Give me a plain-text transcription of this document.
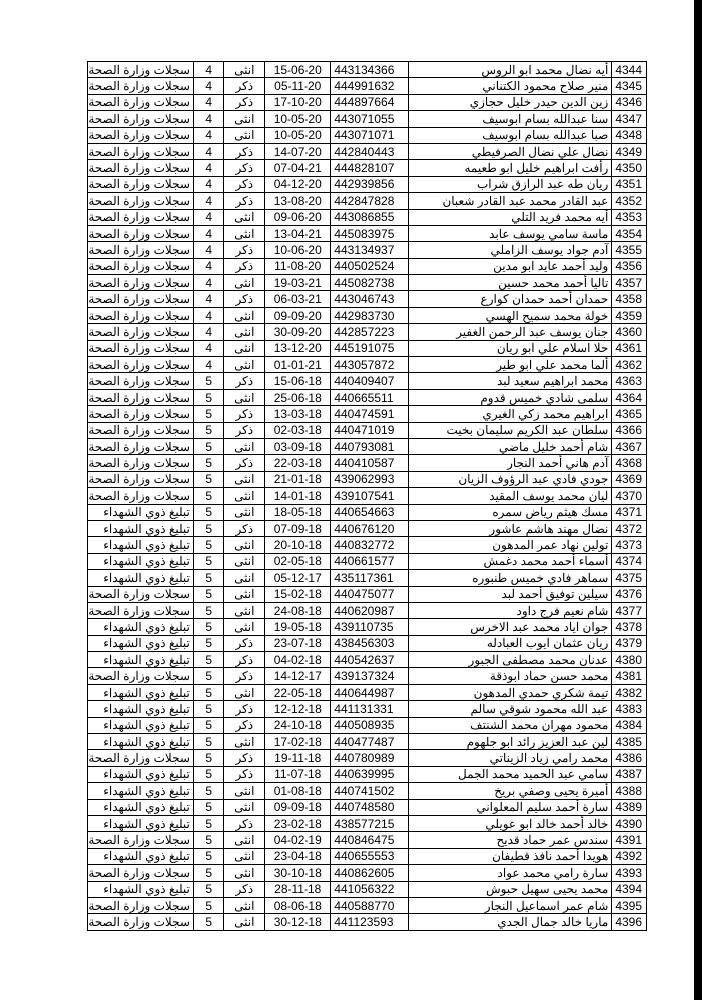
سجلات وزارة الصحة	4	انثى	15-06-20	443134366	أيه نضال محمد ابو الروس	4344
سجلات وزارة الصحة	4	ذكر	05-11-20	444991632	منير صلاح محمود الكتناني	4345
سجلات وزارة الصحة	4	ذكر	17-10-20	444897664	زين الدين حيدر خليل حجازي	4346
سجلات وزارة الصحة	4	انثى	10-05-20	443071055	سنا عبدالله بسام ابوسيف	4347
سجلات وزارة الصحة	4	انثى	10-05-20	443071071	صبا عبدالله بسام ابوسيف	4348
سجلات وزارة الصحة	4	ذكر	14-07-20	442840443	نضال علي نضال الصرفيطي	4349
سجلات وزارة الصحة	4	ذكر	07-04-21	444828107	رأفت ابراهيم خليل ابو طعيمه	4350
سجلات وزارة الصحة	4	ذكر	04-12-20	442939856	ريان طه عبد الرازق شراب	4351
سجلات وزارة الصحة	4	ذكر	13-08-20	442847828	عبد القادر محمد عبد القادر شعبان	4352
سجلات وزارة الصحة	4	انثى	09-06-20	443086855	أيه محمد فريد التلي	4353
سجلات وزارة الصحة	4	انثى	13-04-21	445083975	ماسة سامي يوسف عابد	4354
سجلات وزارة الصحة	4	ذكر	10-06-20	443134937	آدم جواد يوسف الزاملي	4355
سجلات وزارة الصحة	4	ذكر	11-08-20	440502524	وليد أحمد عايد ابو مدين	4356
سجلات وزارة الصحة	4	انثى	19-03-21	445082738	تاليا أحمد محمد حسين	4357
سجلات وزارة الصحة	4	ذكر	06-03-21	443046743	حمدان أحمد حمدان كوارع	4358
سجلات وزارة الصحة	4	انثى	09-09-20	442983730	خولة محمد سميح الهسي	4359
سجلات وزارة الصحة	4	انثى	30-09-20	442857223	جنان يوسف عبد الرحمن الغفير	4360
سجلات وزارة الصحة	4	انثى	13-12-20	445191075	حلا اسلام علي ابو ريان	4361
سجلات وزارة الصحة	4	انثى	01-01-21	443057872	ألما محمد علي ابو طير	4362
سجلات وزارة الصحة	5	ذكر	15-06-18	440409407	محمد ابراهيم سعيد لبد	4363
سجلات وزارة الصحة	5	انثى	25-06-18	440665511	سلمى شادي خميس قدوم	4364
سجلات وزارة الصحة	5	ذكر	13-03-18	440474591	ابراهيم محمد زكي الغيري	4365
سجلات وزارة الصحة	5	ذكر	02-03-18	440471019	سلطان عبد الكريم سليمان بخيت	4366
سجلات وزارة الصحة	5	انثى	03-09-18	440793081	شام أحمد خليل ماضي	4367
سجلات وزارة الصحة	5	ذكر	22-03-18	440410587	آدم هاني أحمد النجار	4368
سجلات وزارة الصحة	5	انثى	21-01-18	439062993	جودي فادي عبد الرؤوف الزيان	4369
سجلات وزارة الصحة	5	انثى	14-01-18	439107541	ليان محمد يوسف المقيد	4370
تبليغ ذوي الشهداء	5	انثى	18-05-18	440654663	مسك هيثم رياض سمره	4371
تبليغ ذوي الشهداء	5	ذكر	07-09-18	440676120	نضال مهند هاشم عاشور	4372
تبليغ ذوي الشهداء	5	انثى	20-10-18	440832772	تولين نهاد عمر المدهون	4373
تبليغ ذوي الشهداء	5	انثى	02-05-18	440661577	أسماء أحمد محمد دغمش	4374
تبليغ ذوي الشهداء	5	انثى	05-12-17	435117361	سماهر فادي خميس طنبوره	4375
سجلات وزارة الصحة	5	انثى	15-02-18	440475077	سيلين توفيق أحمد لبد	4376
سجلات وزارة الصحة	5	انثى	24-08-18	440620987	شام نعيم فرج داود	4377
تبليغ ذوي الشهداء	5	انثى	19-05-18	439110735	جوان اياد محمد عبد الاخرس	4378
تبليغ ذوي الشهداء	5	ذكر	23-07-18	438456303	ريان عثمان ايوب العبادله	4379
تبليغ ذوي الشهداء	5	ذكر	04-02-18	440542637	عدنان محمد مصطفى الجبور	4380
سجلات وزارة الصحة	5	ذكر	14-12-17	439137324	محمد حسن حماد ابوذقة	4381
تبليغ ذوي الشهداء	5	انثى	22-05-18	440644987	تيمة شكري حمدي المدهون	4382
تبليغ ذوي الشهداء	5	ذكر	12-12-18	441131331	عبد الله محمود شوقي سالم	4383
تبليغ ذوي الشهداء	5	ذكر	24-10-18	440508935	محمود مهران محمد الشنتف	4384
تبليغ ذوي الشهداء	5	انثى	17-02-18	440477487	لين عبد العزيز رائد ابو جلهوم	4385
سجلات وزارة الصحة	5	ذكر	19-11-18	440780989	محمد رامي زياد الزيناتي	4386
تبليغ ذوي الشهداء	5	ذكر	11-07-18	440639995	سامي عبد الحميد محمد الجمل	4387
تبليغ ذوي الشهداء	5	انثى	01-08-18	440741502	أميرة يحيى وصفي بريخ	4388
تبليغ ذوي الشهداء	5	انثى	09-09-18	440748580	سارة أحمد سليم المعلواني	4389
تبليغ ذوي الشهداء	5	ذكر	23-02-18	438577215	خالد أحمد خالد ابو عويلي	4390
سجلات وزارة الصحة	5	انثى	04-02-19	440846475	سندس عمر حماد قديح	4391
تبليغ ذوي الشهداء	5	انثى	23-04-18	440655553	هويدا أحمد نافذ قطيفان	4392
سجلات وزارة الصحة	5	انثى	30-10-18	440862605	سارة رامي محمد عواد	4393
تبليغ ذوي الشهداء	5	ذكر	28-11-18	441056322	محمد يحيى سهيل حبوش	4394
سجلات وزارة الصحة	5	انثى	08-06-18	440588770	شام عمر اسماعيل النجار	4395
سجلات وزارة الصحة	5	انثى	30-12-18	441123593	ماريا خالد جمال الجدي	4396
